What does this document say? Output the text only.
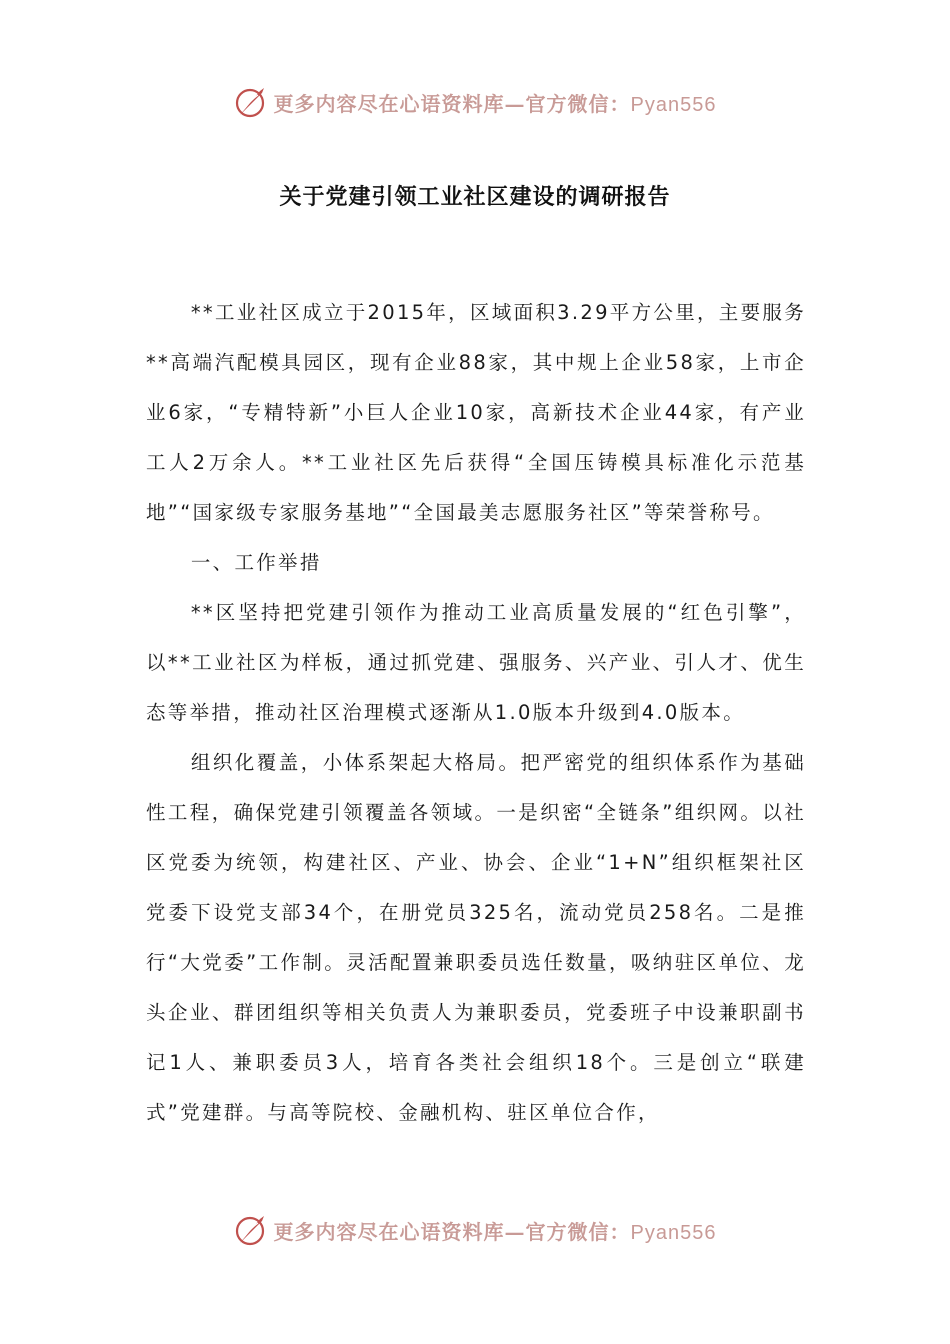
更多内容尽在心语资料库—官方微信：Pyan556
关于党建引领工业社区建设的调研报告

**工业社区成立于2015年，区域面积3.29平方公里，主要服务**高端汽配模具园区，现有企业88家，其中规上企业58家，上市企业6家，“专精特新”小巨人企业10家，高新技术企业44家，有产业工人2万余人。**工业社区先后获得“全国压铸模具标准化示范基地”“国家级专家服务基地”“全国最美志愿服务社区”等荣誉称号。

一、工作举措

**区坚持把党建引领作为推动工业高质量发展的“红色引擎”，以**工业社区为样板，通过抓党建、强服务、兴产业、引人才、优生态等举措，推动社区治理模式逐渐从1.0版本升级到4.0版本。

组织化覆盖，小体系架起大格局。把严密党的组织体系作为基础性工程，确保党建引领覆盖各领域。一是织密“全链条”组织网。以社区党委为统领，构建社区、产业、协会、企业“1+N”组织框架社区党委下设党支部34个，在册党员325名，流动党员258名。二是推行“大党委”工作制。灵活配置兼职委员选任数量，吸纳驻区单位、龙头企业、群团组织等相关负责人为兼职委员，党委班子中设兼职副书记1人、兼职委员3人，培育各类社会组织18个。三是创立“联建式”党建群。与高等院校、金融机构、驻区单位合作，

更多内容尽在心语资料库—官方微信：Pyan556
